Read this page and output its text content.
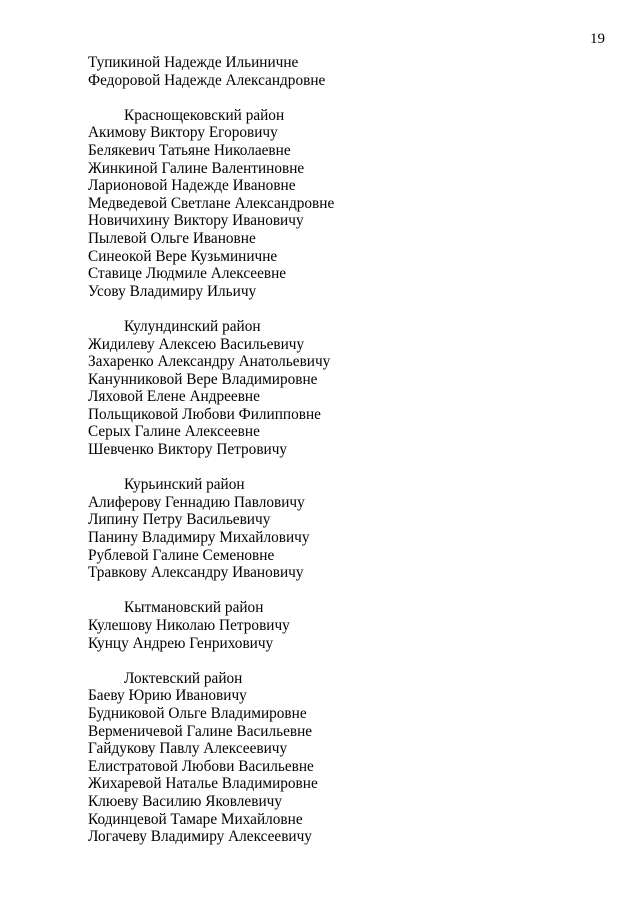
19
Тупикиной Надежде Ильиничне
Федоровой Надежде Александровне
Краснощековский район
Акимову Виктору Егоровичу
Белякевич Татьяне Николаевне
Жинкиной Галине Валентиновне
Ларионовой Надежде Ивановне
Медведевой Светлане Александровне
Новичихину Виктору Ивановичу
Пылевой Ольге Ивановне
Синеокой Вере Кузьминичне
Ставице Людмиле Алексеевне
Усову Владимиру Ильичу
Кулундинский район
Жидилеву Алексею Васильевичу
Захаренко Александру Анатольевичу
Канунниковой Вере Владимировне
Ляховой Елене Андреевне
Польщиковой Любови Филипповне
Серых Галине Алексеевне
Шевченко Виктору Петровичу
Курьинский район
Алиферову Геннадию Павловичу
Липину Петру Васильевичу
Панину Владимиру Михайловичу
Рублевой Галине Семеновне
Травкову Александру Ивановичу
Кытмановский район
Кулешову Николаю Петровичу
Кунцу Андрею Генриховичу
Локтевский район
Баеву Юрию Ивановичу
Будниковой Ольге Владимировне
Верменичевой Галине Васильевне
Гайдукову Павлу Алексеевичу
Елистратовой Любови Васильевне
Жихаревой Наталье Владимировне
Клюеву Василию Яковлевичу
Кодинцевой Тамаре Михайловне
Логачеву Владимиру Алексеевичу
